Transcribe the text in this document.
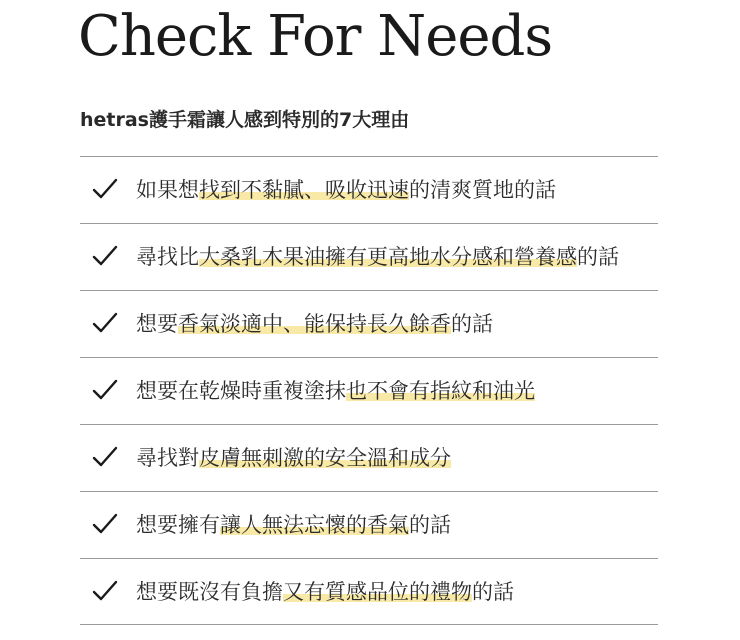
Check For Needs
hetras護手霜讓人感到特別的7大理由
如果想找到不黏膩、吸收迅速的清爽質地的話
尋找比大桑乳木果油擁有更高地水分感和營養感的話
想要香氣淡適中、能保持長久餘香的話
想要在乾燥時重複塗抹也不會有指紋和油光
尋找對皮膚無刺激的安全溫和成分
想要擁有讓人無法忘懷的香氣的話
想要既沒有負擔又有質感品位的禮物的話
